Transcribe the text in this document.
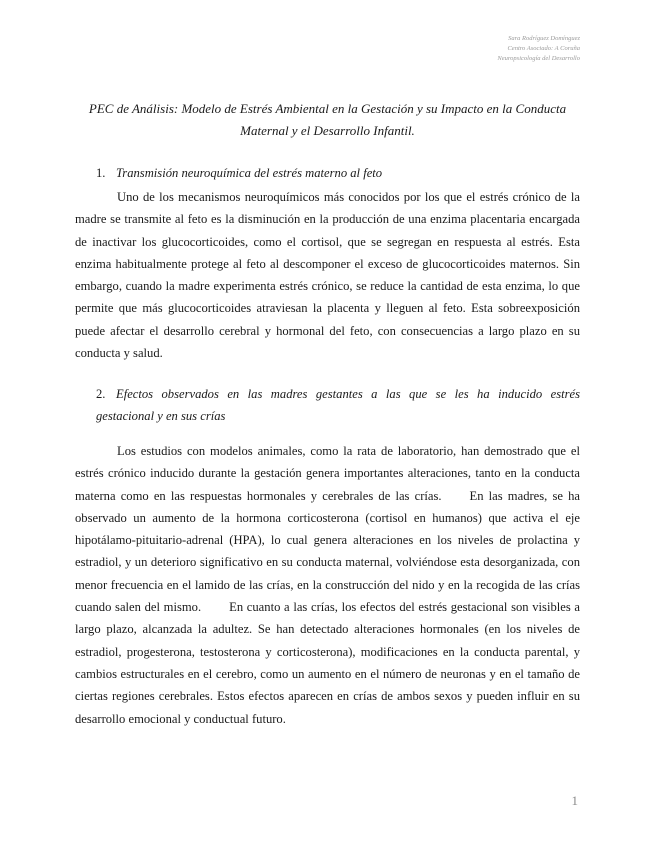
Sara Rodríguez Domínguez
Centro Asociado: A Coruña
Neuropsicología del Desarrollo
PEC de Análisis: Modelo de Estrés Ambiental en la Gestación y su Impacto en la Conducta Maternal y el Desarrollo Infantil.
1. Transmisión neuroquímica del estrés materno al feto
Uno de los mecanismos neuroquímicos más conocidos por los que el estrés crónico de la madre se transmite al feto es la disminución en la producción de una enzima placentaria encargada de inactivar los glucocorticoides, como el cortisol, que se segregan en respuesta al estrés. Esta enzima habitualmente protege al feto al descomponer el exceso de glucocorticoides maternos. Sin embargo, cuando la madre experimenta estrés crónico, se reduce la cantidad de esta enzima, lo que permite que más glucocorticoides atraviesan la placenta y lleguen al feto. Esta sobreexposición puede afectar el desarrollo cerebral y hormonal del feto, con consecuencias a largo plazo en su conducta y salud.
2. Efectos observados en las madres gestantes a las que se les ha inducido estrés
gestacional y en sus crías
Los estudios con modelos animales, como la rata de laboratorio, han demostrado que el estrés crónico inducido durante la gestación genera importantes alteraciones, tanto en la conducta materna como en las respuestas hormonales y cerebrales de las crías. En las madres, se ha observado un aumento de la hormona corticosterona (cortisol en humanos) que activa el eje hipotálamo-pituitario-adrenal (HPA), lo cual genera alteraciones en los niveles de prolactina y estradiol, y un deterioro significativo en su conducta maternal, volviéndose esta desorganizada, con menor frecuencia en el lamido de las crías, en la construcción del nido y en la recogida de las crías cuando salen del mismo. En cuanto a las crías, los efectos del estrés gestacional son visibles a largo plazo, alcanzada la adultez. Se han detectado alteraciones hormonales (en los niveles de estradiol, progesterona, testosterona y corticosterona), modificaciones en la conducta parental, y cambios estructurales en el cerebro, como un aumento en el número de neuronas y en el tamaño de ciertas regiones cerebrales. Estos efectos aparecen en crías de ambos sexos y pueden influir en su desarrollo emocional y conductual futuro.
1
